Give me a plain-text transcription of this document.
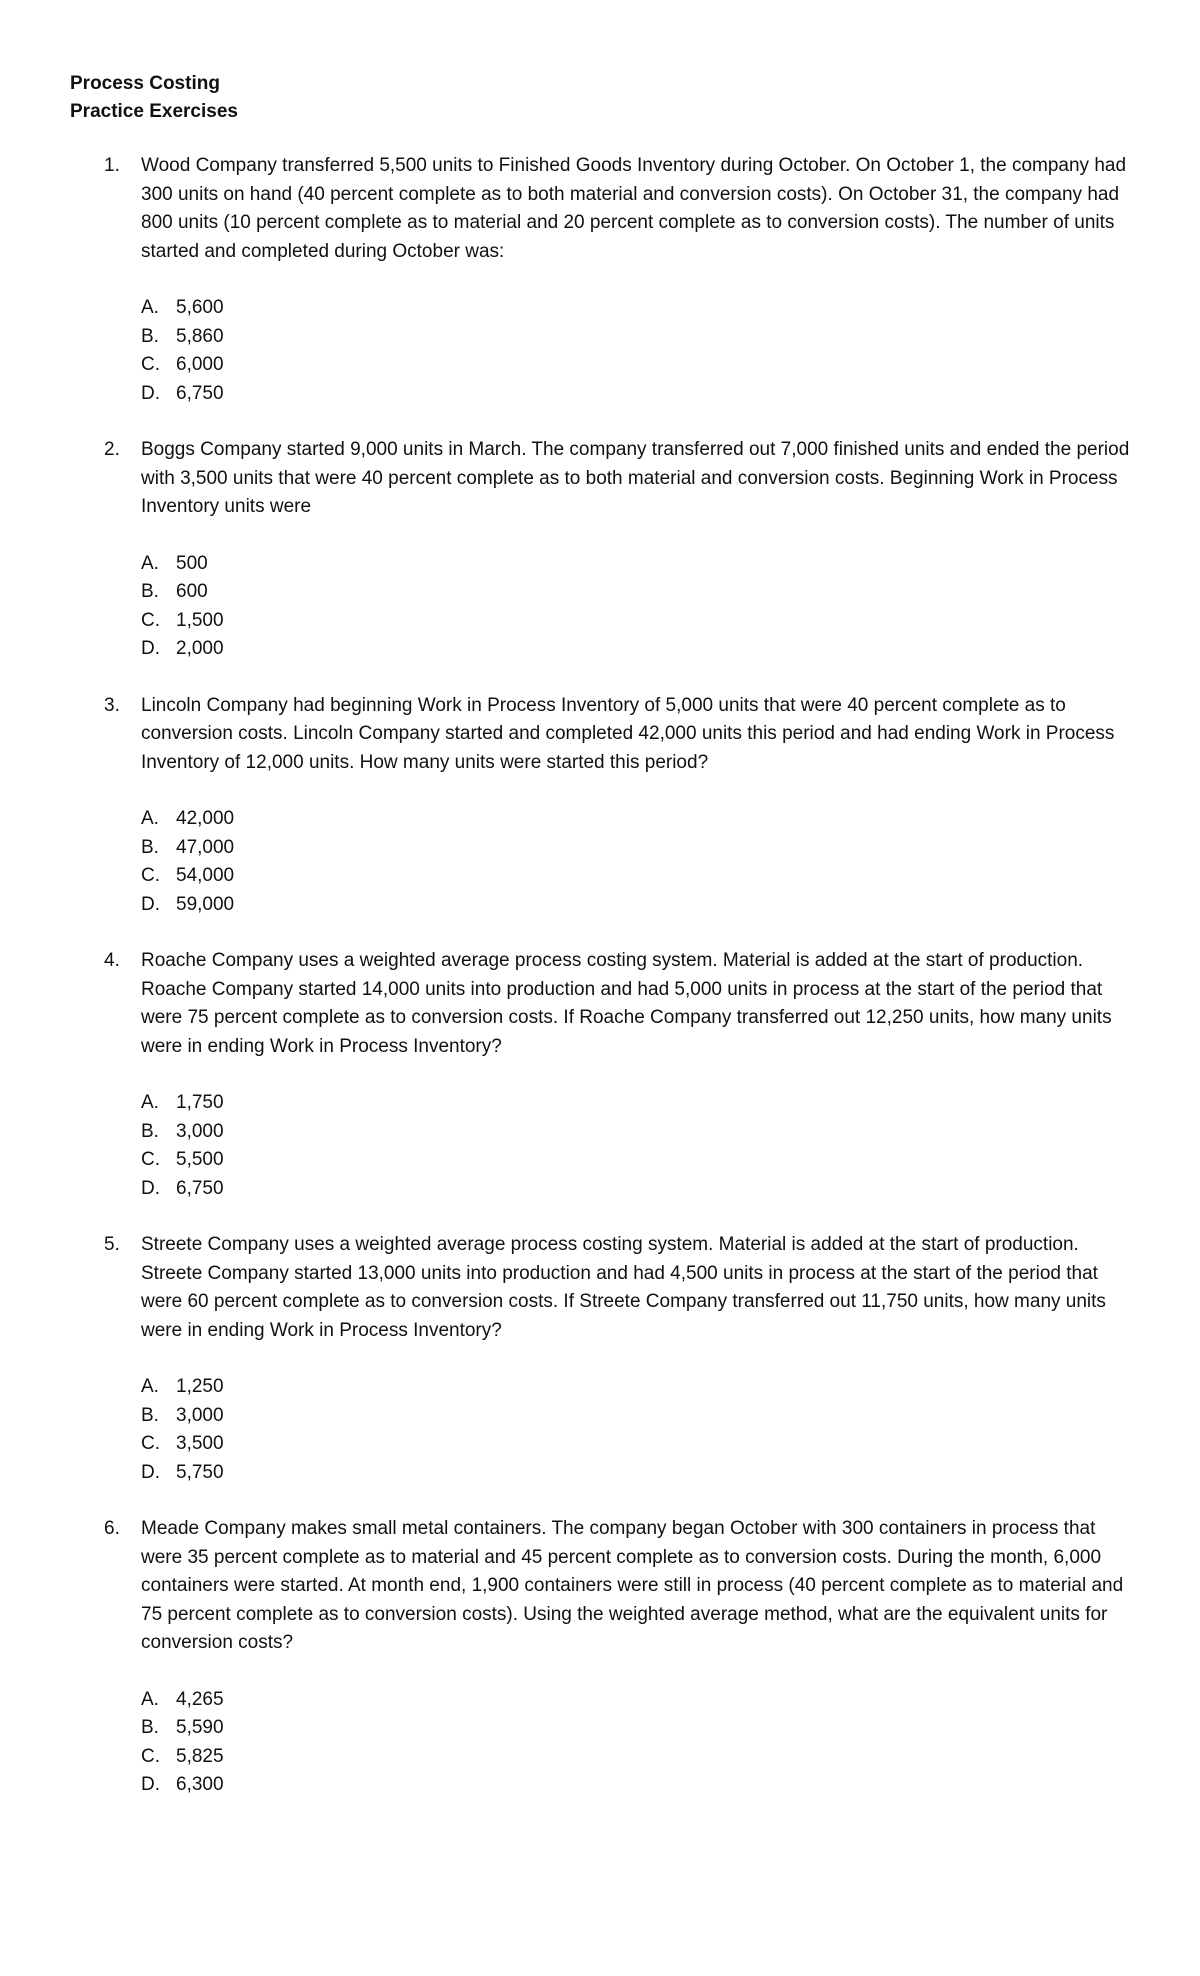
Process Costing
Practice Exercises
1. Wood Company transferred 5,500 units to Finished Goods Inventory during October. On October 1, the company had 300 units on hand (40 percent complete as to both material and conversion costs). On October 31, the company had 800 units (10 percent complete as to material and 20 percent complete as to conversion costs). The number of units started and completed during October was:
A. 5,600
B. 5,860
C. 6,000
D. 6,750
2. Boggs Company started 9,000 units in March. The company transferred out 7,000 finished units and ended the period with 3,500 units that were 40 percent complete as to both material and conversion costs. Beginning Work in Process Inventory units were
A. 500
B. 600
C. 1,500
D. 2,000
3. Lincoln Company had beginning Work in Process Inventory of 5,000 units that were 40 percent complete as to conversion costs. Lincoln Company started and completed 42,000 units this period and had ending Work in Process Inventory of 12,000 units. How many units were started this period?
A. 42,000
B. 47,000
C. 54,000
D. 59,000
4. Roache Company uses a weighted average process costing system. Material is added at the start of production. Roache Company started 14,000 units into production and had 5,000 units in process at the start of the period that were 75 percent complete as to conversion costs. If Roache Company transferred out 12,250 units, how many units were in ending Work in Process Inventory?
A. 1,750
B. 3,000
C. 5,500
D. 6,750
5. Streete Company uses a weighted average process costing system. Material is added at the start of production. Streete Company started 13,000 units into production and had 4,500 units in process at the start of the period that were 60 percent complete as to conversion costs. If Streete Company transferred out 11,750 units, how many units were in ending Work in Process Inventory?
A. 1,250
B. 3,000
C. 3,500
D. 5,750
6. Meade Company makes small metal containers. The company began October with 300 containers in process that were 35 percent complete as to material and 45 percent complete as to conversion costs. During the month, 6,000 containers were started. At month end, 1,900 containers were still in process (40 percent complete as to material and 75 percent complete as to conversion costs). Using the weighted average method, what are the equivalent units for conversion costs?
A. 4,265
B. 5,590
C. 5,825
D. 6,300
